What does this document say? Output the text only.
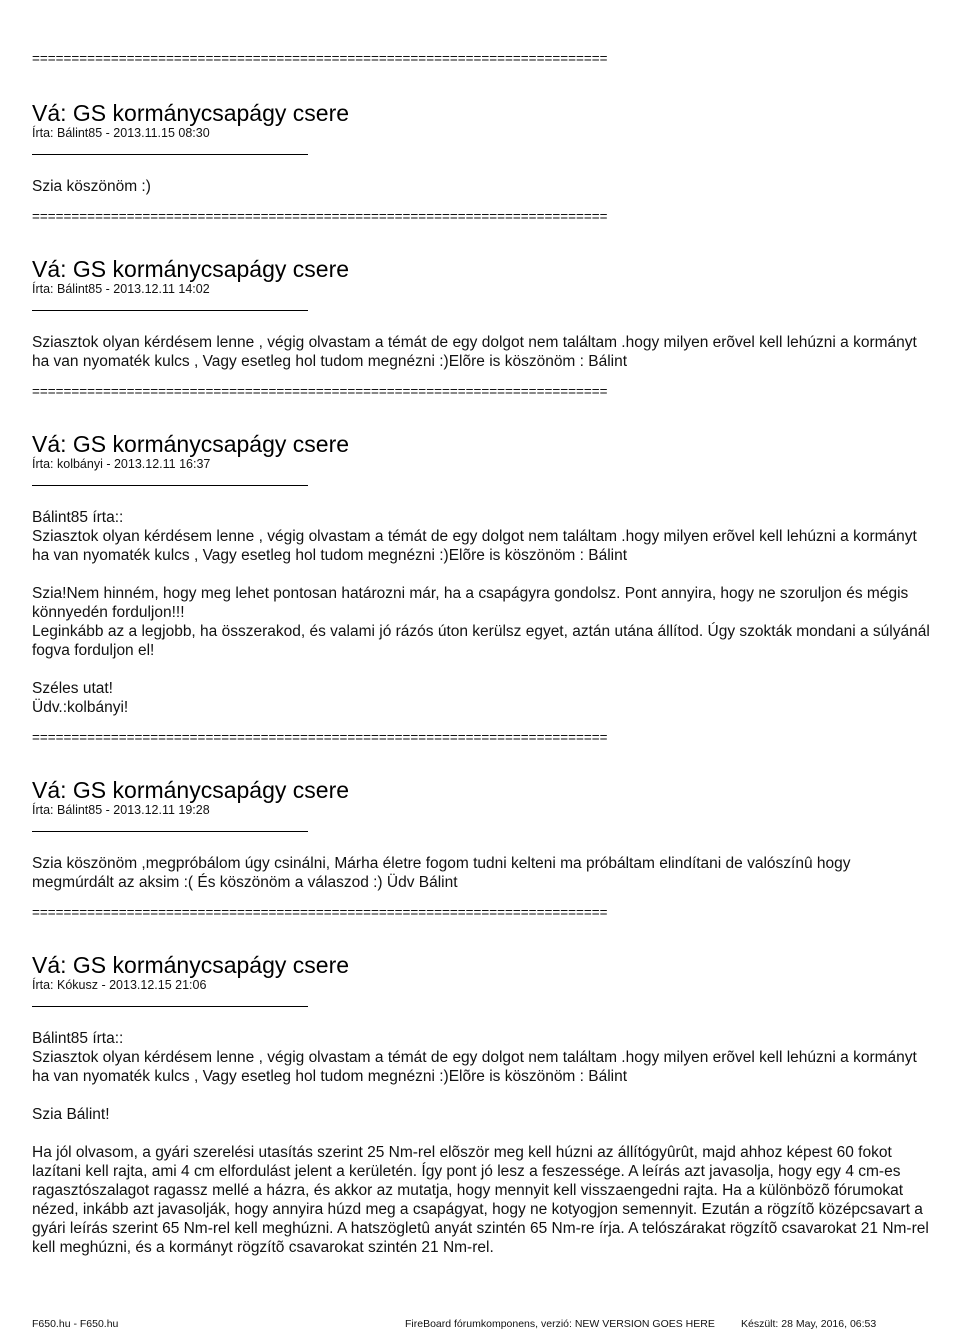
=========================================================================
Vá: GS kormánycsapágy csere
Írta: Bálint85 - 2013.11.15 08:30

Szia köszönöm :)

=========================================================================
Vá: GS kormánycsapágy csere
Írta: Bálint85 - 2013.12.11 14:02

Sziasztok olyan kérdésem lenne , végig olvastam a témát de egy dolgot nem találtam .hogy milyen erõvel kell lehúzni a kormányt ha van nyomaték kulcs , Vagy esetleg hol tudom megnézni :)Elõre is köszönöm : Bálint

=========================================================================
Vá: GS kormánycsapágy csere
Írta: kolbányi - 2013.12.11 16:37

Bálint85 írta::

Sziasztok olyan kérdésem lenne , végig olvastam a témát de egy dolgot nem találtam .hogy milyen erõvel kell lehúzni a kormányt ha van nyomaték kulcs , Vagy esetleg hol tudom megnézni :)Elõre is köszönöm : Bálint

Szia!Nem hinném, hogy meg lehet pontosan határozni már, ha a csapágyra gondolsz. Pont annyira, hogy ne szoruljon és mégis könnyedén forduljon!!!

Leginkább az a legjobb, ha összerakod, és valami jó rázós úton kerülsz egyet, aztán utána állítod. Úgy szokták mondani a súlyánál fogva forduljon el!

Széles utat!

Üdv.:kolbányi!

=========================================================================
Vá: GS kormánycsapágy csere
Írta: Bálint85 - 2013.12.11 19:28

Szia köszönöm ,megpróbálom úgy csinálni, Márha életre fogom tudni kelteni ma próbáltam elindítani de valószínû hogy megmúrdált az aksim :( És köszönöm a válaszod :) Üdv Bálint

=========================================================================
Vá: GS kormánycsapágy csere
Írta: Kókusz - 2013.12.15 21:06

Bálint85 írta::

Sziasztok olyan kérdésem lenne , végig olvastam a témát de egy dolgot nem találtam .hogy milyen erõvel kell lehúzni a kormányt ha van nyomaték kulcs , Vagy esetleg hol tudom megnézni :)Elõre is köszönöm : Bálint

Szia Bálint!

Ha jól olvasom, a gyári szerelési utasítás szerint 25 Nm-rel elõször meg kell húzni az állítógyûrût, majd ahhoz képest 60 fokot lazítani kell rajta, ami 4 cm elfordulást jelent a kerületén. Így pont jó lesz a feszessége. A leírás azt javasolja, hogy egy 4 cm-es ragasztószalagot ragassz mellé a házra, és akkor az mutatja, hogy mennyit kell visszaengedni rajta. Ha a különbözõ fórumokat nézed, inkább azt javasolják, hogy annyira húzd meg a csapágyat, hogy ne kotyogjon semennyit. Ezután a rögzítõ középcsavart a gyári leírás szerint 65 Nm-rel kell meghúzni. A hatszögletû anyát szintén 65 Nm-re írja. A telószárakat rögzítõ csavarokat 21 Nm-rel kell meghúzni, és a kormányt rögzítõ csavarokat szintén 21 Nm-rel.

F650.hu - F650.hu	FireBoard fórumkomponens, verzió: NEW VERSION GOES HERE Készült: 28 May, 2016, 06:53
